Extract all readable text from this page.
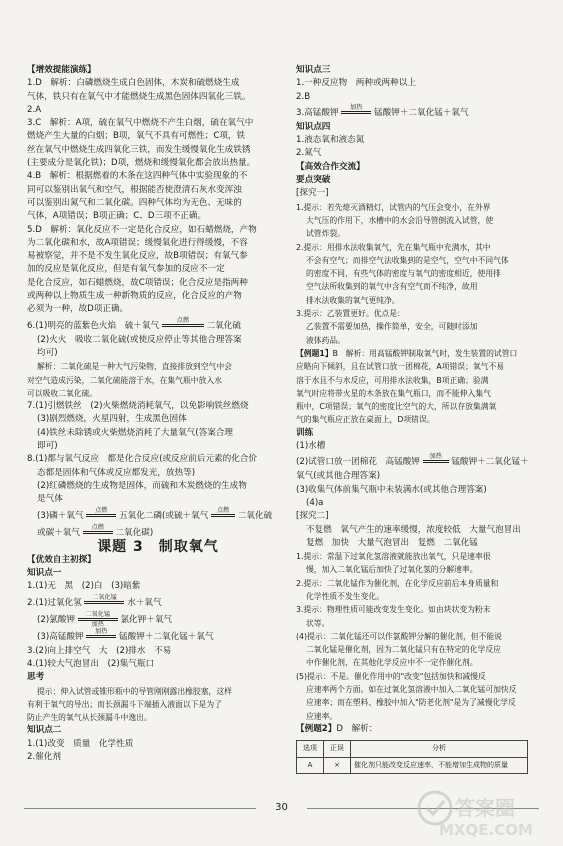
【增效提能演练】

1.D　解析：白磷燃烧生成白色固体，木炭和硫燃烧生成

气体，铁只有在氧气中才能燃烧生成黑色固体四氧化三铁。

2.A

3.C　解析：A项，硫在氧气中燃烧不产生白烟，硫在氧气中

燃烧产生大量的白烟；B项，氧气不具有可燃性；C项，铁

丝在氧气中燃烧生成四氧化三铁，而发生缓慢氧化生成铁锈

(主要成分是氧化铁)；D项，燃烧和缓慢氧化都会放出热量。

4.B　解析：根据燃着的木条在这四种气体中实验现象的不

同可以鉴别出氧气和空气，根据能否使澄清石灰水变浑浊

可以鉴别出氮气和二氧化碳。四种气体均为无色、无味的

气体，A项错误；B项正确；C、D三项不正确。

5.D　解析：氧化反应不一定是化合反应，如石蜡燃烧，产物

为二氧化碳和水，故A项错误；缓慢氧化进行得缓慢，不容

易被察觉，并不是不发生氧化反应，故B项错误；有氧气参

加的反应是氧化反应，但是有氧气参加的反应不一定

是化合反应，如石蜡燃烧，故C项错误；化合反应是指两种

或两种以上物质生成一种新物质的反应，化合反应的产物

必须为一种，故D项正确。

6.(1)明亮的蓝紫色火焰　硫＋氧气
点燃

二氧化硫

(2)火火　吸收二氧化硫(或使反应停止等其他合理答案

均可)

解析：二氧化硫是一种大气污染物，直接排放到空气中会

对空气造成污染，二氧化硫能溶于水，在集气瓶中放入水

可以吸收二氧化硫。

7.(1)引燃铁丝　(2)火柴燃烧消耗氧气，以免影响铁丝燃烧

(3)剧烈燃烧，火星四射，生成黑色固体

(4)铁丝未除锈或火柴燃烧消耗了大量氧气(答案合理

即可)

8.(1)都与氧气反应　都是化合反应(或反应前后元素的化合价

态都是固体和气体或反应都发光，放热等)

(2)红磷燃烧的生成物是固体，而硫和木炭燃烧的生成物

是气体

(3)磷＋氧气
点燃

五氧化二磷(或硫＋氧气
点燃

二氧化硫

或碳＋氧气
点燃

二氧化碳)

课题 3　制取氧气

【优效自主初探】

知识点一

1.(1)无　黑　(2)白　(3)暗紫

2.(1)过氧化氢
二氧化锰

水＋氧气

(2)氯酸钾
二氧化锰
加热	氯化钾＋氧气

(3)高锰酸钾
加热

锰酸钾＋二氧化锰＋氧气

3.(2)向上排空气　大　(2)排水　不易

4.(1)较大气泡冒出　(2)集气瓶口

思考

提示：伸入试管或锥形瓶中的导管刚刚露出橡胶塞，这样

有利于氧气的导出；而长颈漏斗下端插入液面以下是为了

防止产生的氧气从长颈漏斗中逸出。

知识点二

1.(1)改变　质量　化学性质

2.催化剂

知识点三

1.一种反应物　两种或两种以上

2.B

3.高锰酸钾
加热

锰酸钾＋二氧化锰＋氧气

知识点四

1.液态氧和液态氮

2.氮气

【高效合作交流】

要点突破

[探究一]

1.提示：若先熄灭酒精灯，试管内的气压会变小，在外界

大气压的作用下，水槽中的水会沿导管倒流入试管，使

试管炸裂。

2.提示：用排水法收集氧气，先在集气瓶中充满水，其中

不会有空气；而排空气法收集到的是空气，空气中不同气体

的密度不同，有些气体的密度与氧气的密度相近，使用排

空气法所收集到的氧气中含有空气而不纯净，故用

排水法收集的氧气更纯净。

3.提示：乙装置更好。优点是：

乙装置不需要加热，操作简单，安全，可随时添加

液体药品。

【例题1】B　解析：用高锰酸钾制取氧气时，发生装置的试管口

应略向下倾斜，且在试管口放一团棉花，A项错误；氧气不易

溶于水且不与水反应，可用排水法收集，B项正确；验满

氧气时应将带火星的木条放在集气瓶口，而不能伸入集气

瓶中，C项错误；氧气的密度比空气的大，所以存放集满氧

气的集气瓶应正放在桌面上，D项错误。

训练

(1)水槽

(2)试管口放一团棉花　高锰酸钾
加热

锰酸钾＋二氧化锰＋

氧气(或其他合理答案)

(3)收集气体前集气瓶中未装满水(或其他合理答案)

(4)a

[探究二]

不复燃　氧气产生的速率缓慢，浓度较低　大量气泡冒出

复燃　加快　大量气泡冒出　复燃　二氧化锰

1.提示：常温下过氧化氢溶液就能放出氧气，只是速率很

慢，加入二氧化锰后加快了过氧化氢的分解速率。

2.提示：二氧化锰作为催化剂，在化学反应前后本身质量和

化学性质不发生变化。

3.提示：物理性质可能改变发生变化。如由块状变为粉末

状等。

(4)提示：二氧化锰还可以作氯酸钾分解的催化剂，但不能说

二氧化锰是催化剂，因为二氧化锰只有在特定的化学反应

中作催化剂，在其他化学反应中不一定作催化剂。

(5)提示：不是。催化作用中的"改变"包括加快和减慢反

应速率两个方面。如在过氧化氢溶液中加入二氧化锰可加快反

应速率；而在塑料、橡胶中加入"防老化剂"是为了减慢化学反

应速率。

【例题2】D　解析：

选项	正误	分析
A	×	催化剂只能改变反应速率，不能增加生成物的质量
30	答案圈
MXQE.COM
